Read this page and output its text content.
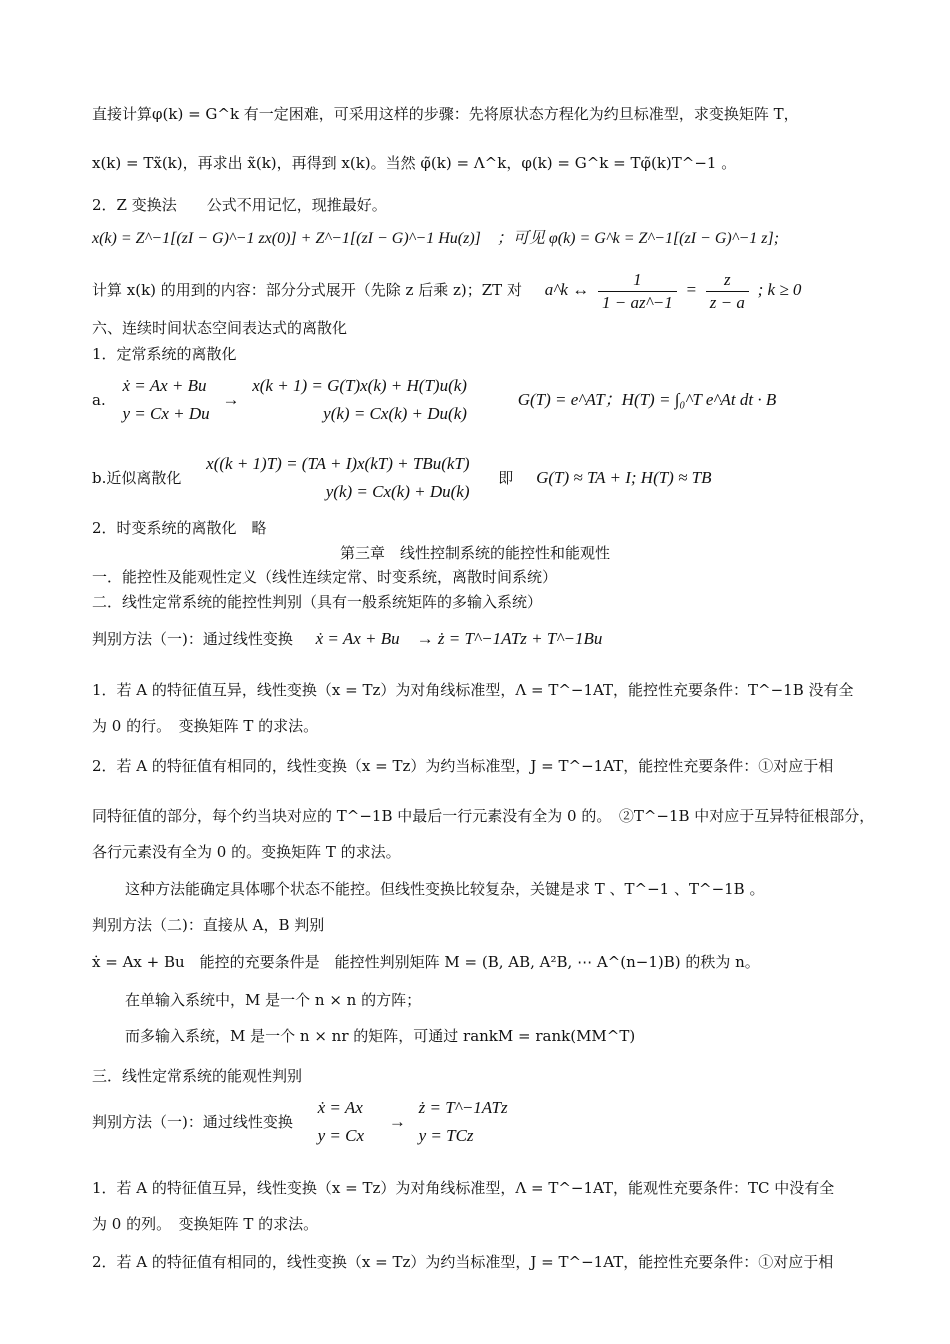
直接计算φ(k) = G^k 有一定困难，可采用这样的步骤：先将原状态方程化为约旦标准型，求变换矩阵 T，
x(k) = Tx̃(k)，再求出 x̃(k)，再得到 x(k)。当然 φ̃(k) = Λ^k，φ(k) = G^k = Tφ̃(k)T^−1 。
2．Z 变换法　　公式不用记忆，现推最好。
x(k) = Z^−1[(zI − G)^−1 zx(0)] + Z^−1[(zI − G)^−1 Hu(z)]　；可见 φ(k) = G^k = Z^−1[(zI − G)^−1 z];
计算 x(k) 的用到的内容：部分分式展开（先除 z 后乘 z)；ZT 对 a^k ↔ $\frac{1}{1 - az\^{}-1} = \frac{z}{z - a}$ ; k ≥ 0
六、连续时间状态空间表达式的离散化
1．定常系统的离散化
a.
ẋ = Ax + Bu
y = Cx + Du
→
x(k + 1) = G(T)x(k) + H(T)u(k)
y(k) = Cx(k) + Du(k)
G(T) = e^AT；H(T) = ∫₀^T e^At dt · B
b.近似离散化
x((k + 1)T) = (TA + I)x(kT) + TBu(kT)
y(k) = Cx(k) + Du(k)
即 G(T) ≈ TA + I; H(T) ≈ TB
2．时变系统的离散化　略
第三章　线性控制系统的能控性和能观性
一．能控性及能观性定义（线性连续定常、时变系统，离散时间系统）
二．线性定常系统的能控性判别（具有一般系统矩阵的多输入系统）
判别方法（一)：通过线性变换 ẋ = Ax + Bu　→ ż = T^−1ATz + T^−1Bu
1．若 A 的特征值互异，线性变换（x = Tz）为对角线标准型，Λ = T^−1AT，能控性充要条件：T^−1B 没有全
为 0 的行。　变换矩阵 T 的求法。
2．若 A 的特征值有相同的，线性变换（x = Tz）为约当标准型，J = T^−1AT，能控性充要条件：①对应于相
同特征值的部分，每个约当块对应的 T^−1B 中最后一行元素没有全为 0 的。　②T^−1B 中对应于互异特征根部分，
各行元素没有全为 0 的。变换矩阵 T 的求法。
这种方法能确定具体哪个状态不能控。但线性变换比较复杂，关键是求 T 、T^−1 、T^−1B 。
判别方法（二)：直接从 A，B 判别
ẋ = Ax + Bu　能控的充要条件是　能控性判别矩阵 M = (B, AB, A²B, ⋯ A^(n−1)B) 的秩为 n。
在单输入系统中，M 是一个 n × n 的方阵；
而多输入系统，M 是一个 n × nr 的矩阵，可通过 rankM = rank(MM^T)
三．线性定常系统的能观性判别
判别方法（一)：通过线性变换
ẋ = Ax
y = Cx
→
ż = T^−1ATz
y = TCz
1．若 A 的特征值互异，线性变换（x = Tz）为对角线标准型，Λ = T^−1AT，能观性充要条件：TC 中没有全
为 0 的列。　变换矩阵 T 的求法。
2．若 A 的特征值有相同的，线性变换（x = Tz）为约当标准型，J = T^−1AT，能控性充要条件：①对应于相
